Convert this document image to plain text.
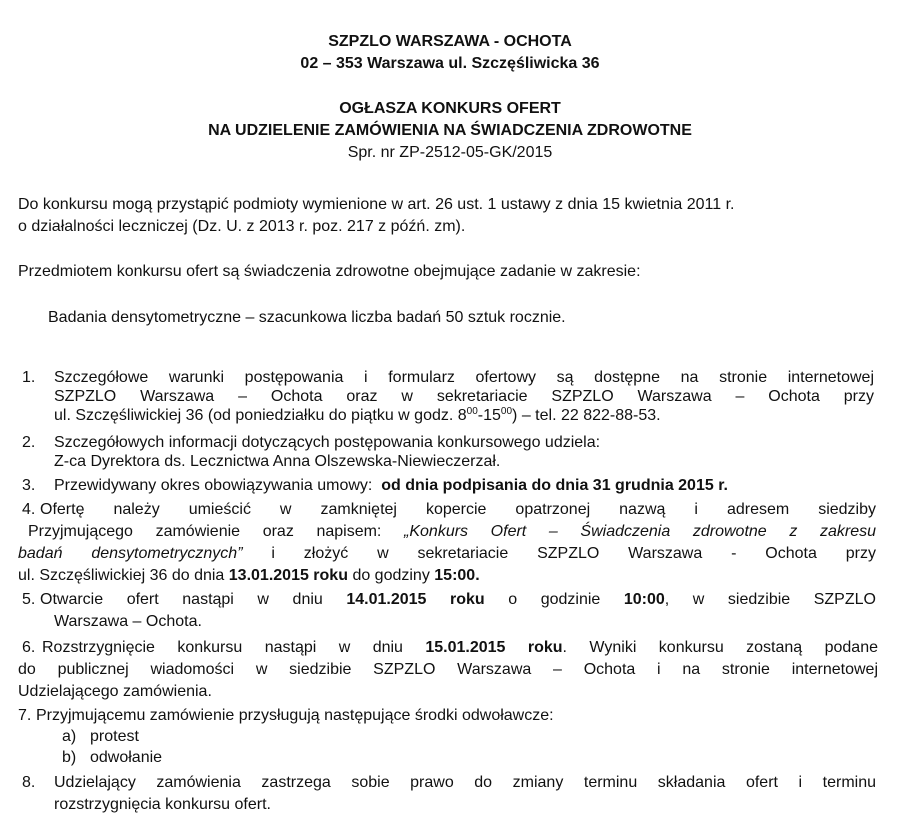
SZPZLO WARSZAWA - OCHOTA
02 – 353 Warszawa ul. Szczęśliwicka 36
OGŁASZA KONKURS OFERT
NA UDZIELENIE ZAMÓWIENIA NA ŚWIADCZENIA ZDROWOTNE
Spr. nr ZP-2512-05-GK/2015
Do konkursu mogą przystąpić podmioty wymienione w art. 26 ust. 1 ustawy z dnia 15 kwietnia 2011 r.
o działalności leczniczej (Dz. U. z 2013 r. poz. 217 z późń. zm).
Przedmiotem konkursu ofert są świadczenia zdrowotne obejmujące zadanie w zakresie:
Badania densytometryczne – szacunkowa liczba badań 50 sztuk rocznie.
1. Szczegółowe warunki postępowania i formularz ofertowy są dostępne na stronie internetowej
SZPZLO Warszawa – Ochota oraz w sekretariacie SZPZLO Warszawa – Ochota przy
ul. Szczęśliwickiej 36 (od poniedziałku do piątku w godz. $8^{00}-15^{00}$) – tel. 22 822-88-53.
2. Szczegółowych informacji dotyczących postępowania konkursowego udziela:
Z-ca Dyrektora ds. Lecznictwa Anna Olszewska-Niewieczerzał.
3. Przewidywany okres obowiązywania umowy: od dnia podpisania do dnia 31 grudnia 2015 r.
4. Ofertę należy umieścić w zamkniętej kopercie opatrzonej nazwą i adresem siedziby
Przyjmującego zamówienie oraz napisem: „Konkurs Ofert – Świadczenia zdrowotne z zakresu
badań densytometrycznych” i złożyć w sekretariacie SZPZLO Warszawa - Ochota przy
ul. Szczęśliwickiej 36 do dnia 13.01.2015 roku do godziny 15:00.
5. Otwarcie ofert nastąpi w dniu 14.01.2015 roku o godzinie 10:00, w siedzibie SZPZLO
Warszawa – Ochota.
6. Rozstrzygnięcie konkursu nastąpi w dniu 15.01.2015 roku. Wyniki konkursu zostaną podane
do publicznej wiadomości w siedzibie SZPZLO Warszawa – Ochota i na stronie internetowej
Udzielającego zamówienia.
7. Przyjmującemu zamówienie przysługują następujące środki odwoławcze:
a) protest
b) odwołanie
8. Udzielający zamówienia zastrzega sobie prawo do zmiany terminu składania ofert i terminu
rozstrzygnięcia konkursu ofert.
